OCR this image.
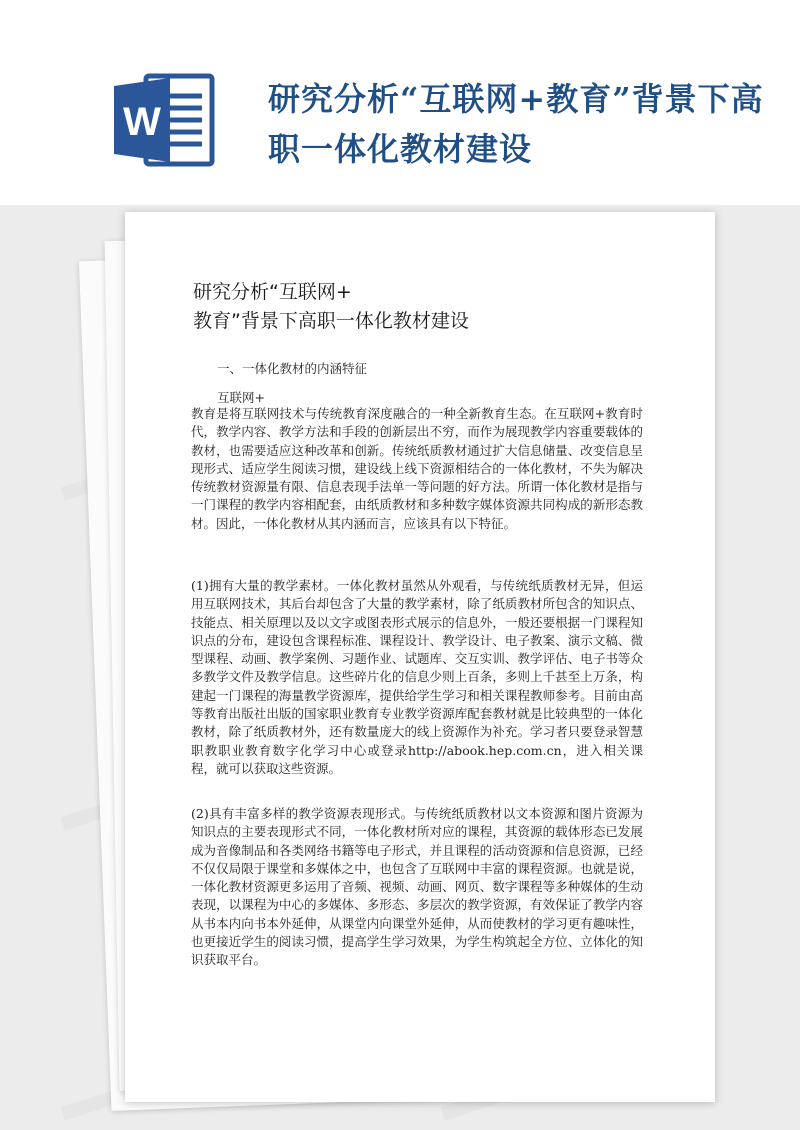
W
研究分析“互联网+教育”背景下高职一体化教材建设
研究分析“互联网+
教育”背景下高职一体化教材建设
一、一体化教材的内涵特征
互联网+

教育是将互联网技术与传统教育深度融合的一种全新教育生态。在互联网+教育时代，教学内容、教学方法和手段的创新层出不穷，而作为展现教学内容重要载体的教材，也需要适应这种改革和创新。传统纸质教材通过扩大信息储量、改变信息呈现形式、适应学生阅读习惯，建设线上线下资源相结合的一体化教材，不失为解决传统教材资源量有限、信息表现手法单一等问题的好方法。所谓一体化教材是指与一门课程的教学内容相配套，由纸质教材和多种数字媒体资源共同构成的新形态教材。因此，一体化教材从其内涵而言，应该具有以下特征。

(1)拥有大量的教学素材。一体化教材虽然从外观看，与传统纸质教材无异，但运用互联网技术，其后台却包含了大量的教学素材，除了纸质教材所包含的知识点、技能点、相关原理以及以文字或图表形式展示的信息外，一般还要根据一门课程知识点的分布，建设包含课程标准、课程设计、教学设计、电子教案、演示文稿、微型课程、动画、教学案例、习题作业、试题库、交互实训、教学评估、电子书等众多教学文件及教学信息。这些碎片化的信息少则上百条，多则上千甚至上万条，构建起一门课程的海量教学资源库，提供给学生学习和相关课程教师参考。目前由高等教育出版社出版的国家职业教育专业教学资源库配套教材就是比较典型的一体化教材，除了纸质教材外，还有数量庞大的线上资源作为补充。学习者只要登录智慧职教职业教育数字化学习中心或登录http://abook.hep.com.cn，进入相关课程，就可以获取这些资源。

(2)具有丰富多样的教学资源表现形式。与传统纸质教材以文本资源和图片资源为知识点的主要表现形式不同，一体化教材所对应的课程，其资源的载体形态已发展成为音像制品和各类网络书籍等电子形式，并且课程的活动资源和信息资源，已经不仅仅局限于课堂和多媒体之中，也包含了互联网中丰富的课程资源。也就是说，一体化教材资源更多运用了音频、视频、动画、网页、数字课程等多种媒体的生动表现，以课程为中心的多媒体、多形态、多层次的教学资源，有效保证了教学内容从书本内向书本外延伸，从课堂内向课堂外延伸，从而使教材的学习更有趣味性，也更接近学生的阅读习惯，提高学生学习效果，为学生构筑起全方位、立体化的知识获取平台。
